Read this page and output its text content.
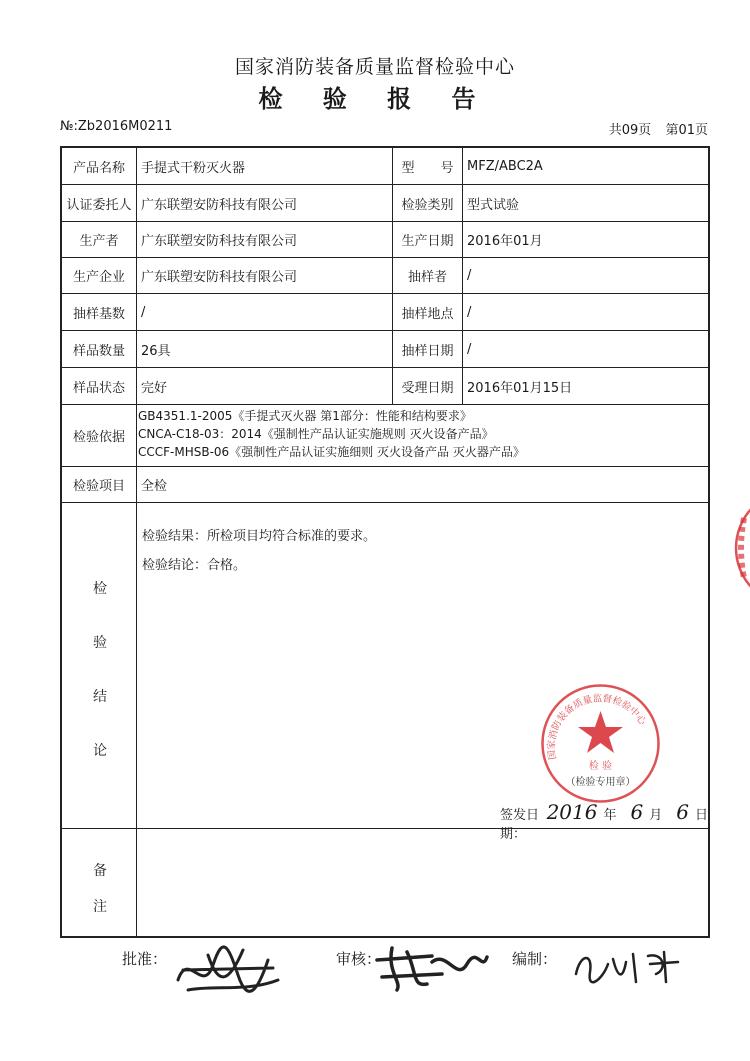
国家消防装备质量监督检验中心
检 验 报 告
№:Zb2016M0211	共09页 第01页
产品名称	手提式干粉灭火器	型　　号	MFZ/ABC2A
认证委托人 广东联塑安防科技有限公司	检验类别	型式试验
生产者	广东联塑安防科技有限公司	生产日期	2016年01月
生产企业	广东联塑安防科技有限公司	抽样者	/
抽样基数	/	抽样地点	/
样品数量	26具	抽样日期	/
样品状态	完好	受理日期	2016年01月15日
检验依据
GB4351.1-2005《手提式灭火器 第1部分：性能和结构要求》
CNCA-C18-03：2014《强制性产品认证实施规则 灭火设备产品》
CCCF-MHSB-06《强制性产品认证实施细则 灭火设备产品 灭火器产品》
检验项目	全检
检
验
结
论
检验结果：所检项目均符合标准的要求。
检验结论：合格。
签发日期：
2016 年 6 月 6 日
备
注
国家消防装备质量监督检验中心
检 验
（检验专用章）
批准：	审核：	编制：
